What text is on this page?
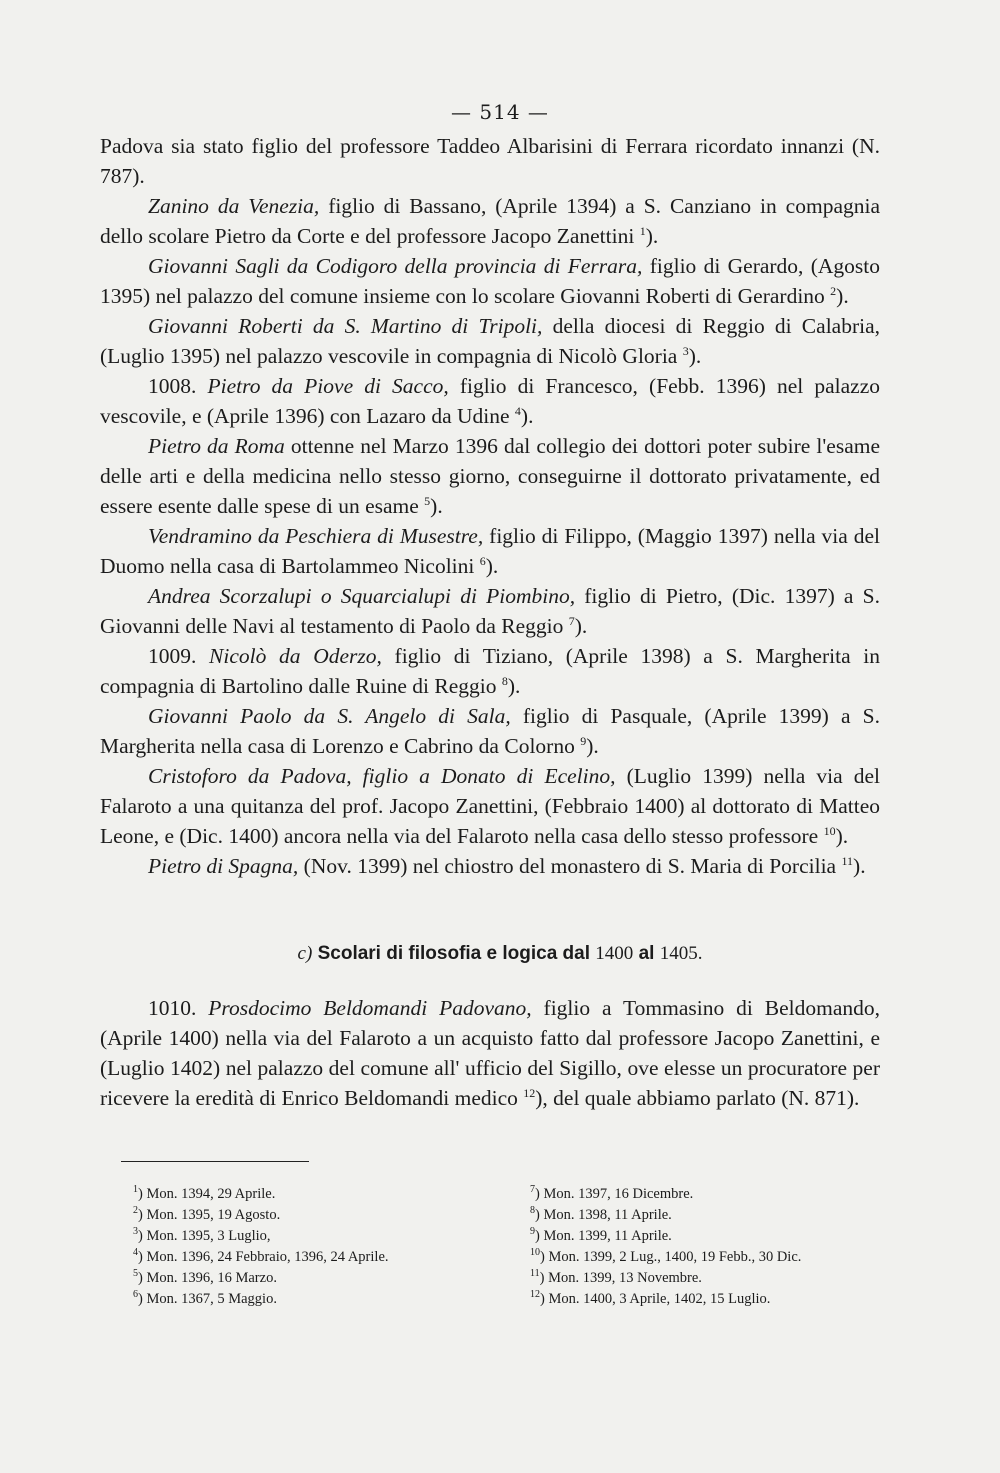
— 514 —

Padova sia stato figlio del professore Taddeo Albarisini di Ferrara ricordato innanzi (N. 787).

Zanino da Venezia, figlio di Bassano, (Aprile 1394) a S. Canziano in compagnia dello scolare Pietro da Corte e del professore Jacopo Zanettini $^1$).

Giovanni Sagli da Codigoro della provincia di Ferrara, figlio di Gerardo, (Agosto 1395) nel palazzo del comune insieme con lo scolare Giovanni Roberti di Gerardino $^2$).

Giovanni Roberti da S. Martino di Tripoli, della diocesi di Reggio di Calabria, (Luglio 1395) nel palazzo vescovile in compagnia di Nicolò Gloria $^3$).

1008. Pietro da Piove di Sacco, figlio di Francesco, (Febb. 1396) nel palazzo vescovile, e (Aprile 1396) con Lazaro da Udine $^4$).

Pietro da Roma ottenne nel Marzo 1396 dal collegio dei dottori poter subire l'esame delle arti e della medicina nello stesso giorno, conseguirne il dottorato privatamente, ed essere esente dalle spese di un esame $^5$).

Vendramino da Peschiera di Musestre, figlio di Filippo, (Maggio 1397) nella via del Duomo nella casa di Bartolammeo Nicolini $^6$).

Andrea Scorzalupi o Squarcialupi di Piombino, figlio di Pietro, (Dic. 1397) a S. Giovanni delle Navi al testamento di Paolo da Reggio $^7$).

1009. Nicolò da Oderzo, figlio di Tiziano, (Aprile 1398) a S. Margherita in compagnia di Bartolino dalle Ruine di Reggio $^8$).

Giovanni Paolo da S. Angelo di Sala, figlio di Pasquale, (Aprile 1399) a S. Margherita nella casa di Lorenzo e Cabrino da Colorno $^9$).

Cristoforo da Padova, figlio a Donato di Ecelino, (Luglio 1399) nella via del Falaroto a una quitanza del prof. Jacopo Zanettini, (Febbraio 1400) al dottorato di Matteo Leone, e (Dic. 1400) ancora nella via del Falaroto nella casa dello stesso professore $^{10}$).

Pietro di Spagna, (Nov. 1399) nel chiostro del monastero di S. Maria di Porcilia $^{11}$).

c) Scolari di filosofia e logica dal 1400 al 1405.

1010. Prosdocimo Beldomandi Padovano, figlio a Tommasino di Beldomando, (Aprile 1400) nella via del Falaroto a un acquisto fatto dal professore Jacopo Zanettini, e (Luglio 1402) nel palazzo del comune all' ufficio del Sigillo, ove elesse un procuratore per ricevere la eredità di Enrico Beldomandi medico $^{12}$), del quale abbiamo parlato (N. 871).

$^1$) Mon. 1394, 29 Aprile.
$^2$) Mon. 1395, 19 Agosto.
$^3$) Mon. 1395, 3 Luglio,
$^4$) Mon. 1396, 24 Febbraio, 1396, 24 Aprile.
$^5$) Mon. 1396, 16 Marzo.
$^6$) Mon. 1367, 5 Maggio.
$^7$) Mon. 1397, 16 Dicembre.
$^8$) Mon. 1398, 11 Aprile.
$^9$) Mon. 1399, 11 Aprile.
$^{10}$) Mon. 1399, 2 Lug., 1400, 19 Febb., 30 Dic.
$^{11}$) Mon. 1399, 13 Novembre.
$^{12}$) Mon. 1400, 3 Aprile, 1402, 15 Luglio.
